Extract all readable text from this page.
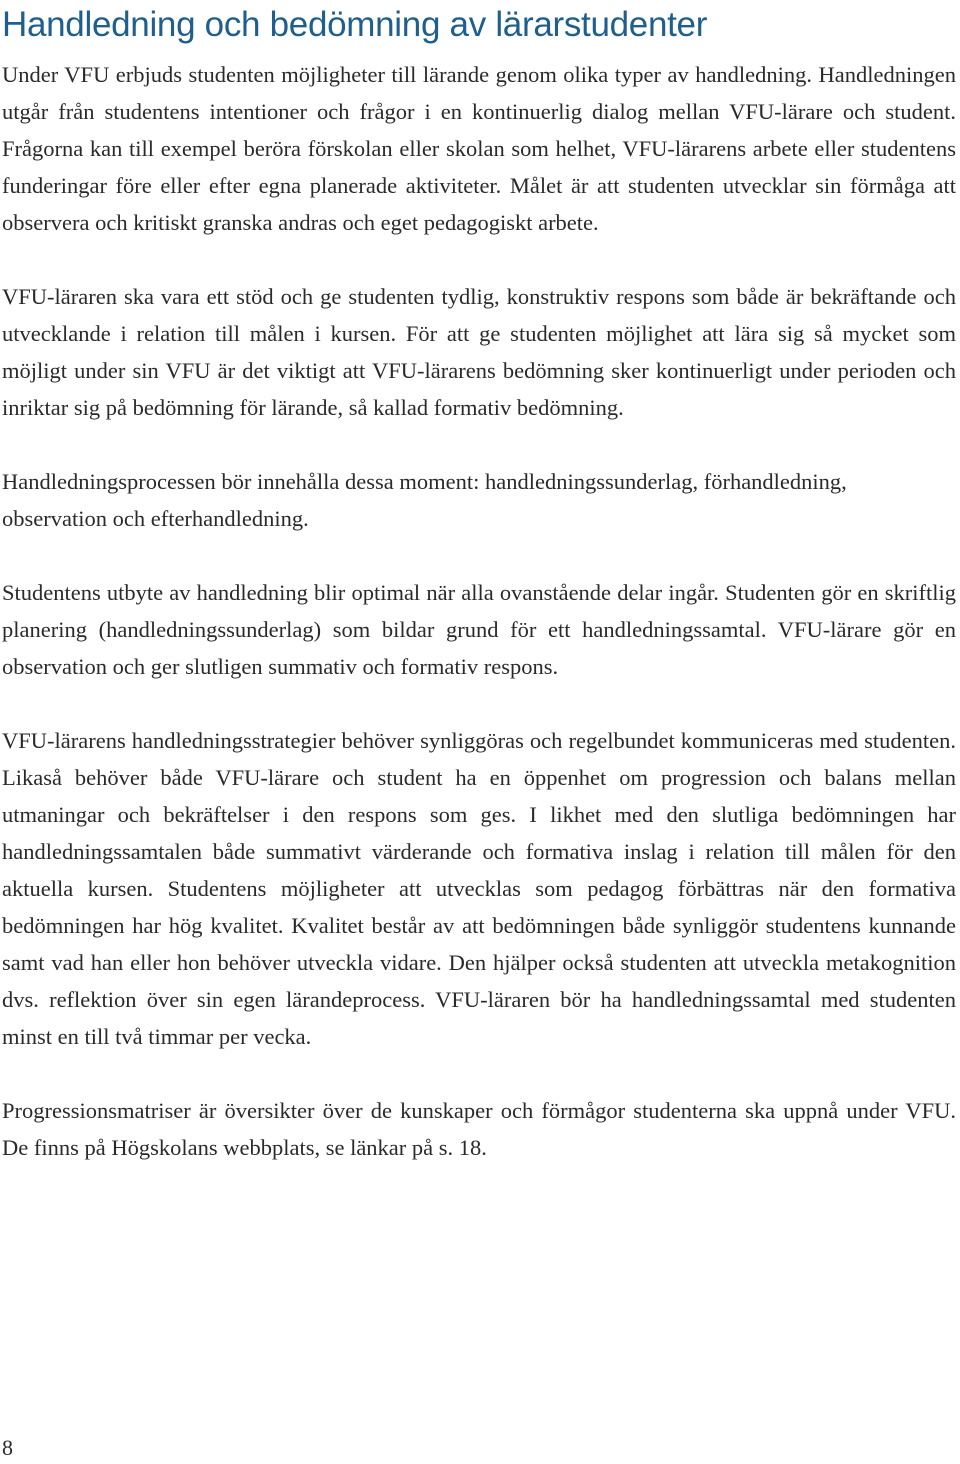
Handledning och bedömning av lärarstudenter

Under VFU erbjuds studenten möjligheter till lärande genom olika typer av handledning. Handledningen utgår från studentens intentioner och frågor i en kontinuerlig dialog mellan VFU-lärare och student. Frågorna kan till exempel beröra förskolan eller skolan som helhet, VFU-lärarens arbete eller studentens funderingar före eller efter egna planerade aktiviteter. Målet är att studenten utvecklar sin förmåga att observera och kritiskt granska andras och eget pedagogiskt arbete.

VFU-läraren ska vara ett stöd och ge studenten tydlig, konstruktiv respons som både är bekräftande och utvecklande i relation till målen i kursen. För att ge studenten möjlighet att lära sig så mycket som möjligt under sin VFU är det viktigt att VFU-lärarens bedömning sker kontinuerligt under perioden och inriktar sig på bedömning för lärande, så kallad formativ bedömning.

Handledningsprocessen bör innehålla dessa moment: handledningssunderlag, förhandledning, observation och efterhandledning.

Studentens utbyte av handledning blir optimal när alla ovanstående delar ingår. Studenten gör en skriftlig planering (handledningssunderlag) som bildar grund för ett handledningssamtal. VFU-lärare gör en observation och ger slutligen summativ och formativ respons.

VFU-lärarens handledningsstrategier behöver synliggöras och regelbundet kommuniceras med studenten. Likaså behöver både VFU-lärare och student ha en öppenhet om progression och balans mellan utmaningar och bekräftelser i den respons som ges. I likhet med den slutliga bedömningen har handledningssamtalen både summativt värderande och formativa inslag i relation till målen för den aktuella kursen. Studentens möjligheter att utvecklas som pedagog förbättras när den formativa bedömningen har hög kvalitet. Kvalitet består av att bedömningen både synliggör studentens kunnande samt vad han eller hon behöver utveckla vidare. Den hjälper också studenten att utveckla metakognition dvs. reflektion över sin egen lärandeprocess. VFU-läraren bör ha handledningssamtal med studenten minst en till två timmar per vecka.

Progressionsmatriser är översikter över de kunskaper och förmågor studenterna ska uppnå under VFU. De finns på Högskolans webbplats, se länkar på s. 18.

8
